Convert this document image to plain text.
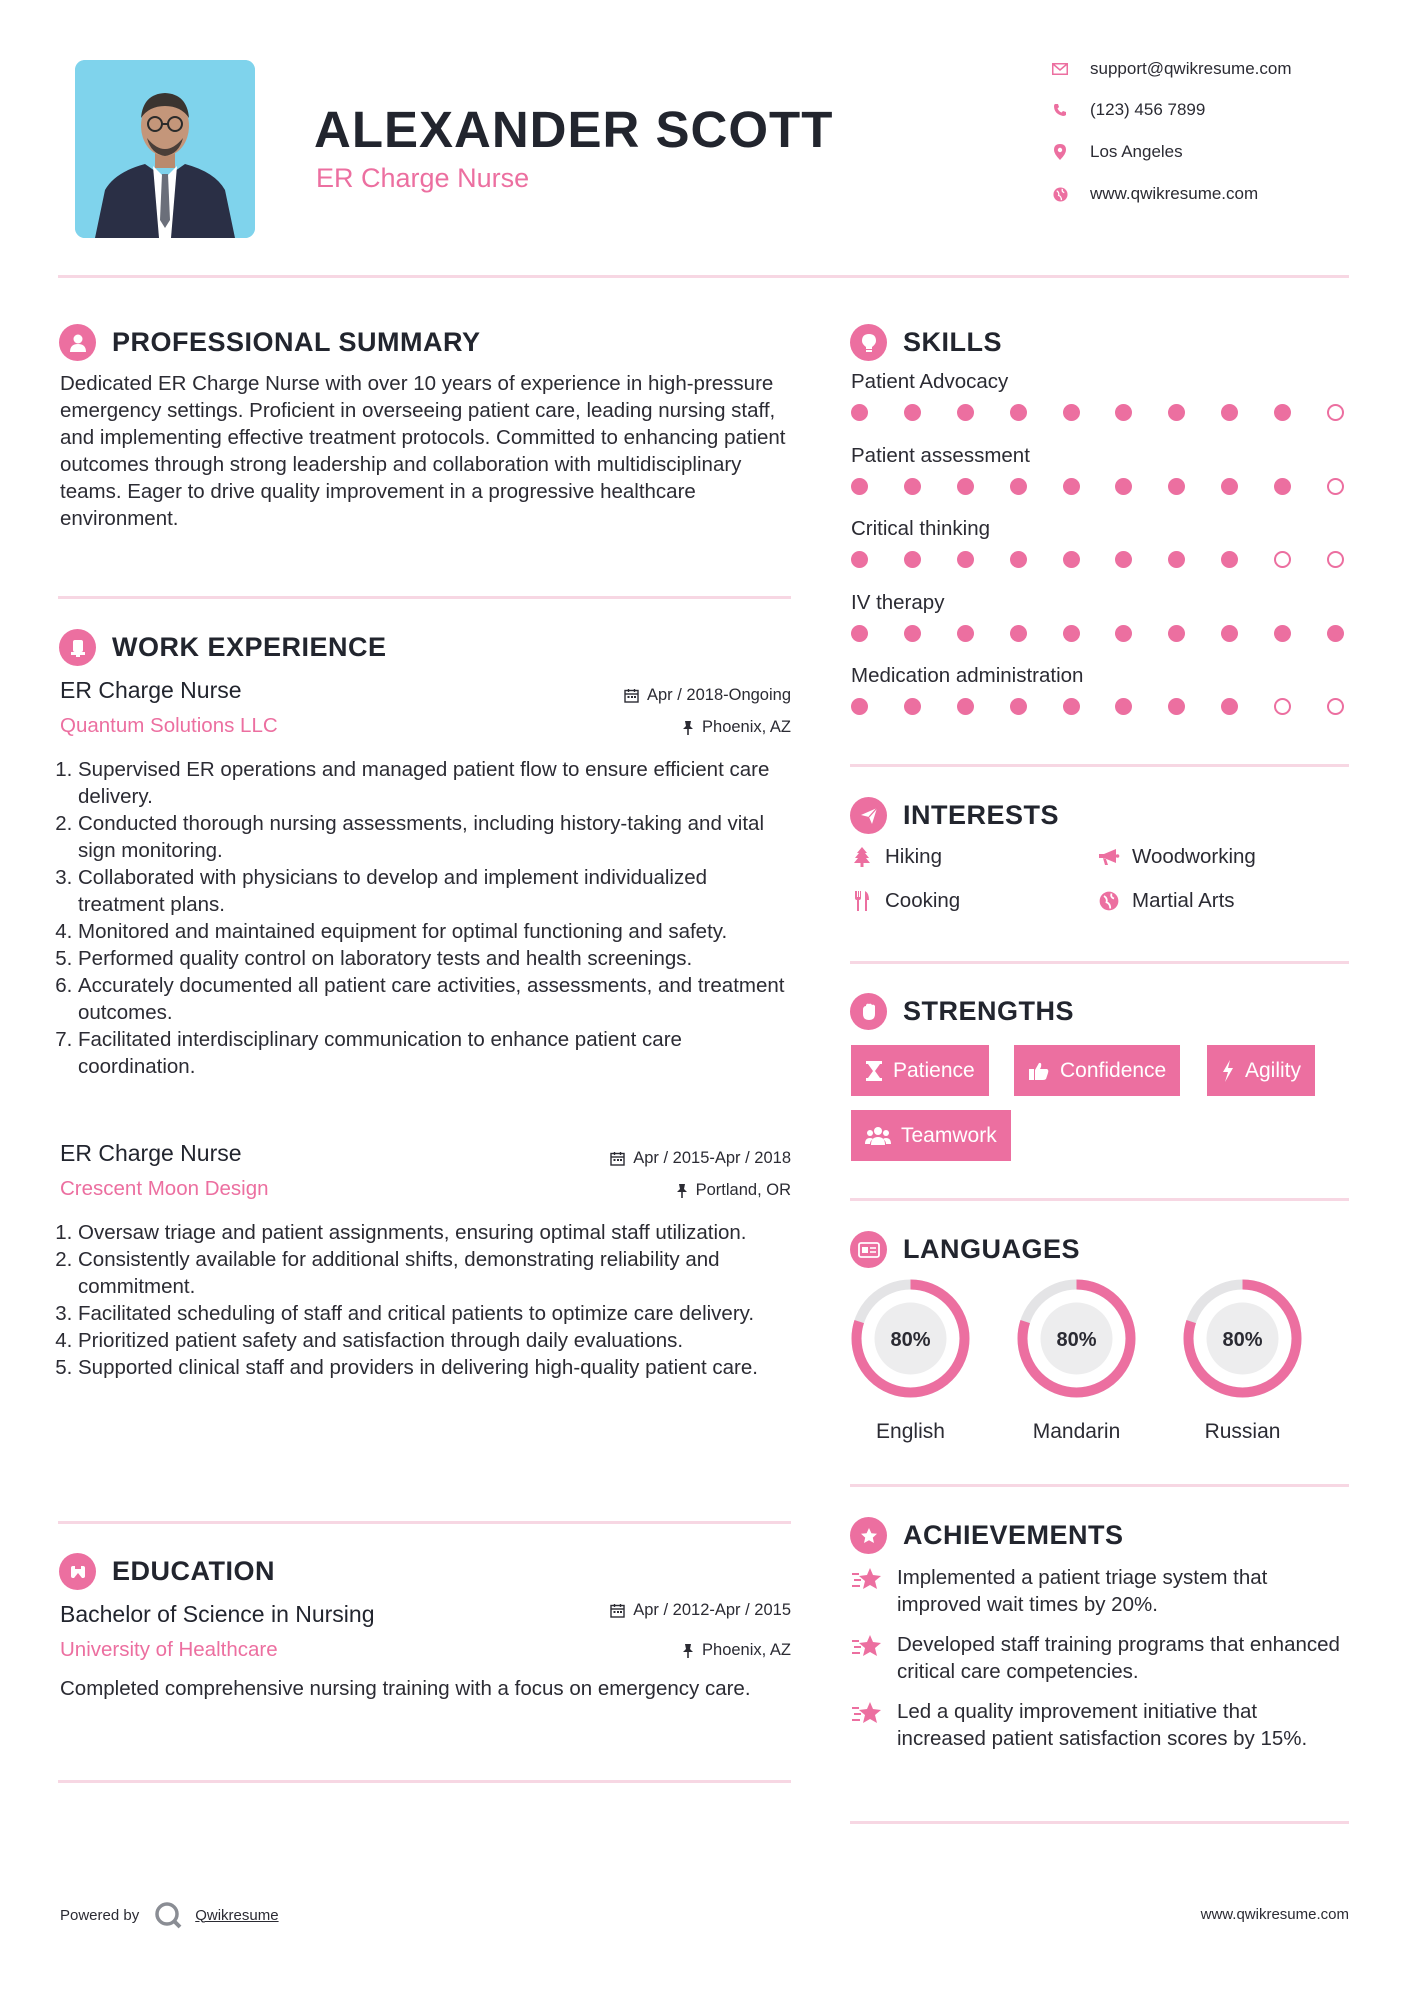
ALEXANDER SCOTT
ER Charge Nurse
support@qwikresume.com
(123) 456 7899
Los Angeles
www.qwikresume.com
PROFESSIONAL SUMMARY
Dedicated ER Charge Nurse with over 10 years of experience in high-pressure emergency settings. Proficient in overseeing patient care, leading nursing staff, and implementing effective treatment protocols. Committed to enhancing patient outcomes through strong leadership and collaboration with multidisciplinary teams. Eager to drive quality improvement in a progressive healthcare environment.
WORK EXPERIENCE
ER Charge Nurse	Apr / 2018-Ongoing
Quantum Solutions LLC	Phoenix, AZ
1. Supervised ER operations and managed patient flow to ensure efficient care delivery.
2. Conducted thorough nursing assessments, including history-taking and vital sign monitoring.
3. Collaborated with physicians to develop and implement individualized treatment plans.
4. Monitored and maintained equipment for optimal functioning and safety.
5. Performed quality control on laboratory tests and health screenings.
6. Accurately documented all patient care activities, assessments, and treatment outcomes.
7. Facilitated interdisciplinary communication to enhance patient care coordination.
ER Charge Nurse	Apr / 2015-Apr / 2018
Crescent Moon Design	Portland, OR
1. Oversaw triage and patient assignments, ensuring optimal staff utilization.
2. Consistently available for additional shifts, demonstrating reliability and commitment.
3. Facilitated scheduling of staff and critical patients to optimize care delivery.
4. Prioritized patient safety and satisfaction through daily evaluations.
5. Supported clinical staff and providers in delivering high-quality patient care.
EDUCATION
Bachelor of Science in Nursing	Apr / 2012-Apr / 2015
University of Healthcare	Phoenix, AZ
Completed comprehensive nursing training with a focus on emergency care.
SKILLS
Patient Advocacy
Patient assessment
Critical thinking
IV therapy
Medication administration
INTERESTS
Hiking	Woodworking
Cooking	Martial Arts
STRENGTHS
Patience	Confidence	Agility
Teamwork
LANGUAGES
80%
English
80%
Mandarin
80%
Russian
ACHIEVEMENTS
Implemented a patient triage system that improved wait times by 20%.
Developed staff training programs that enhanced critical care competencies.
Led a quality improvement initiative that increased patient satisfaction scores by 15%.
Powered by	Qwikresume	www.qwikresume.com
